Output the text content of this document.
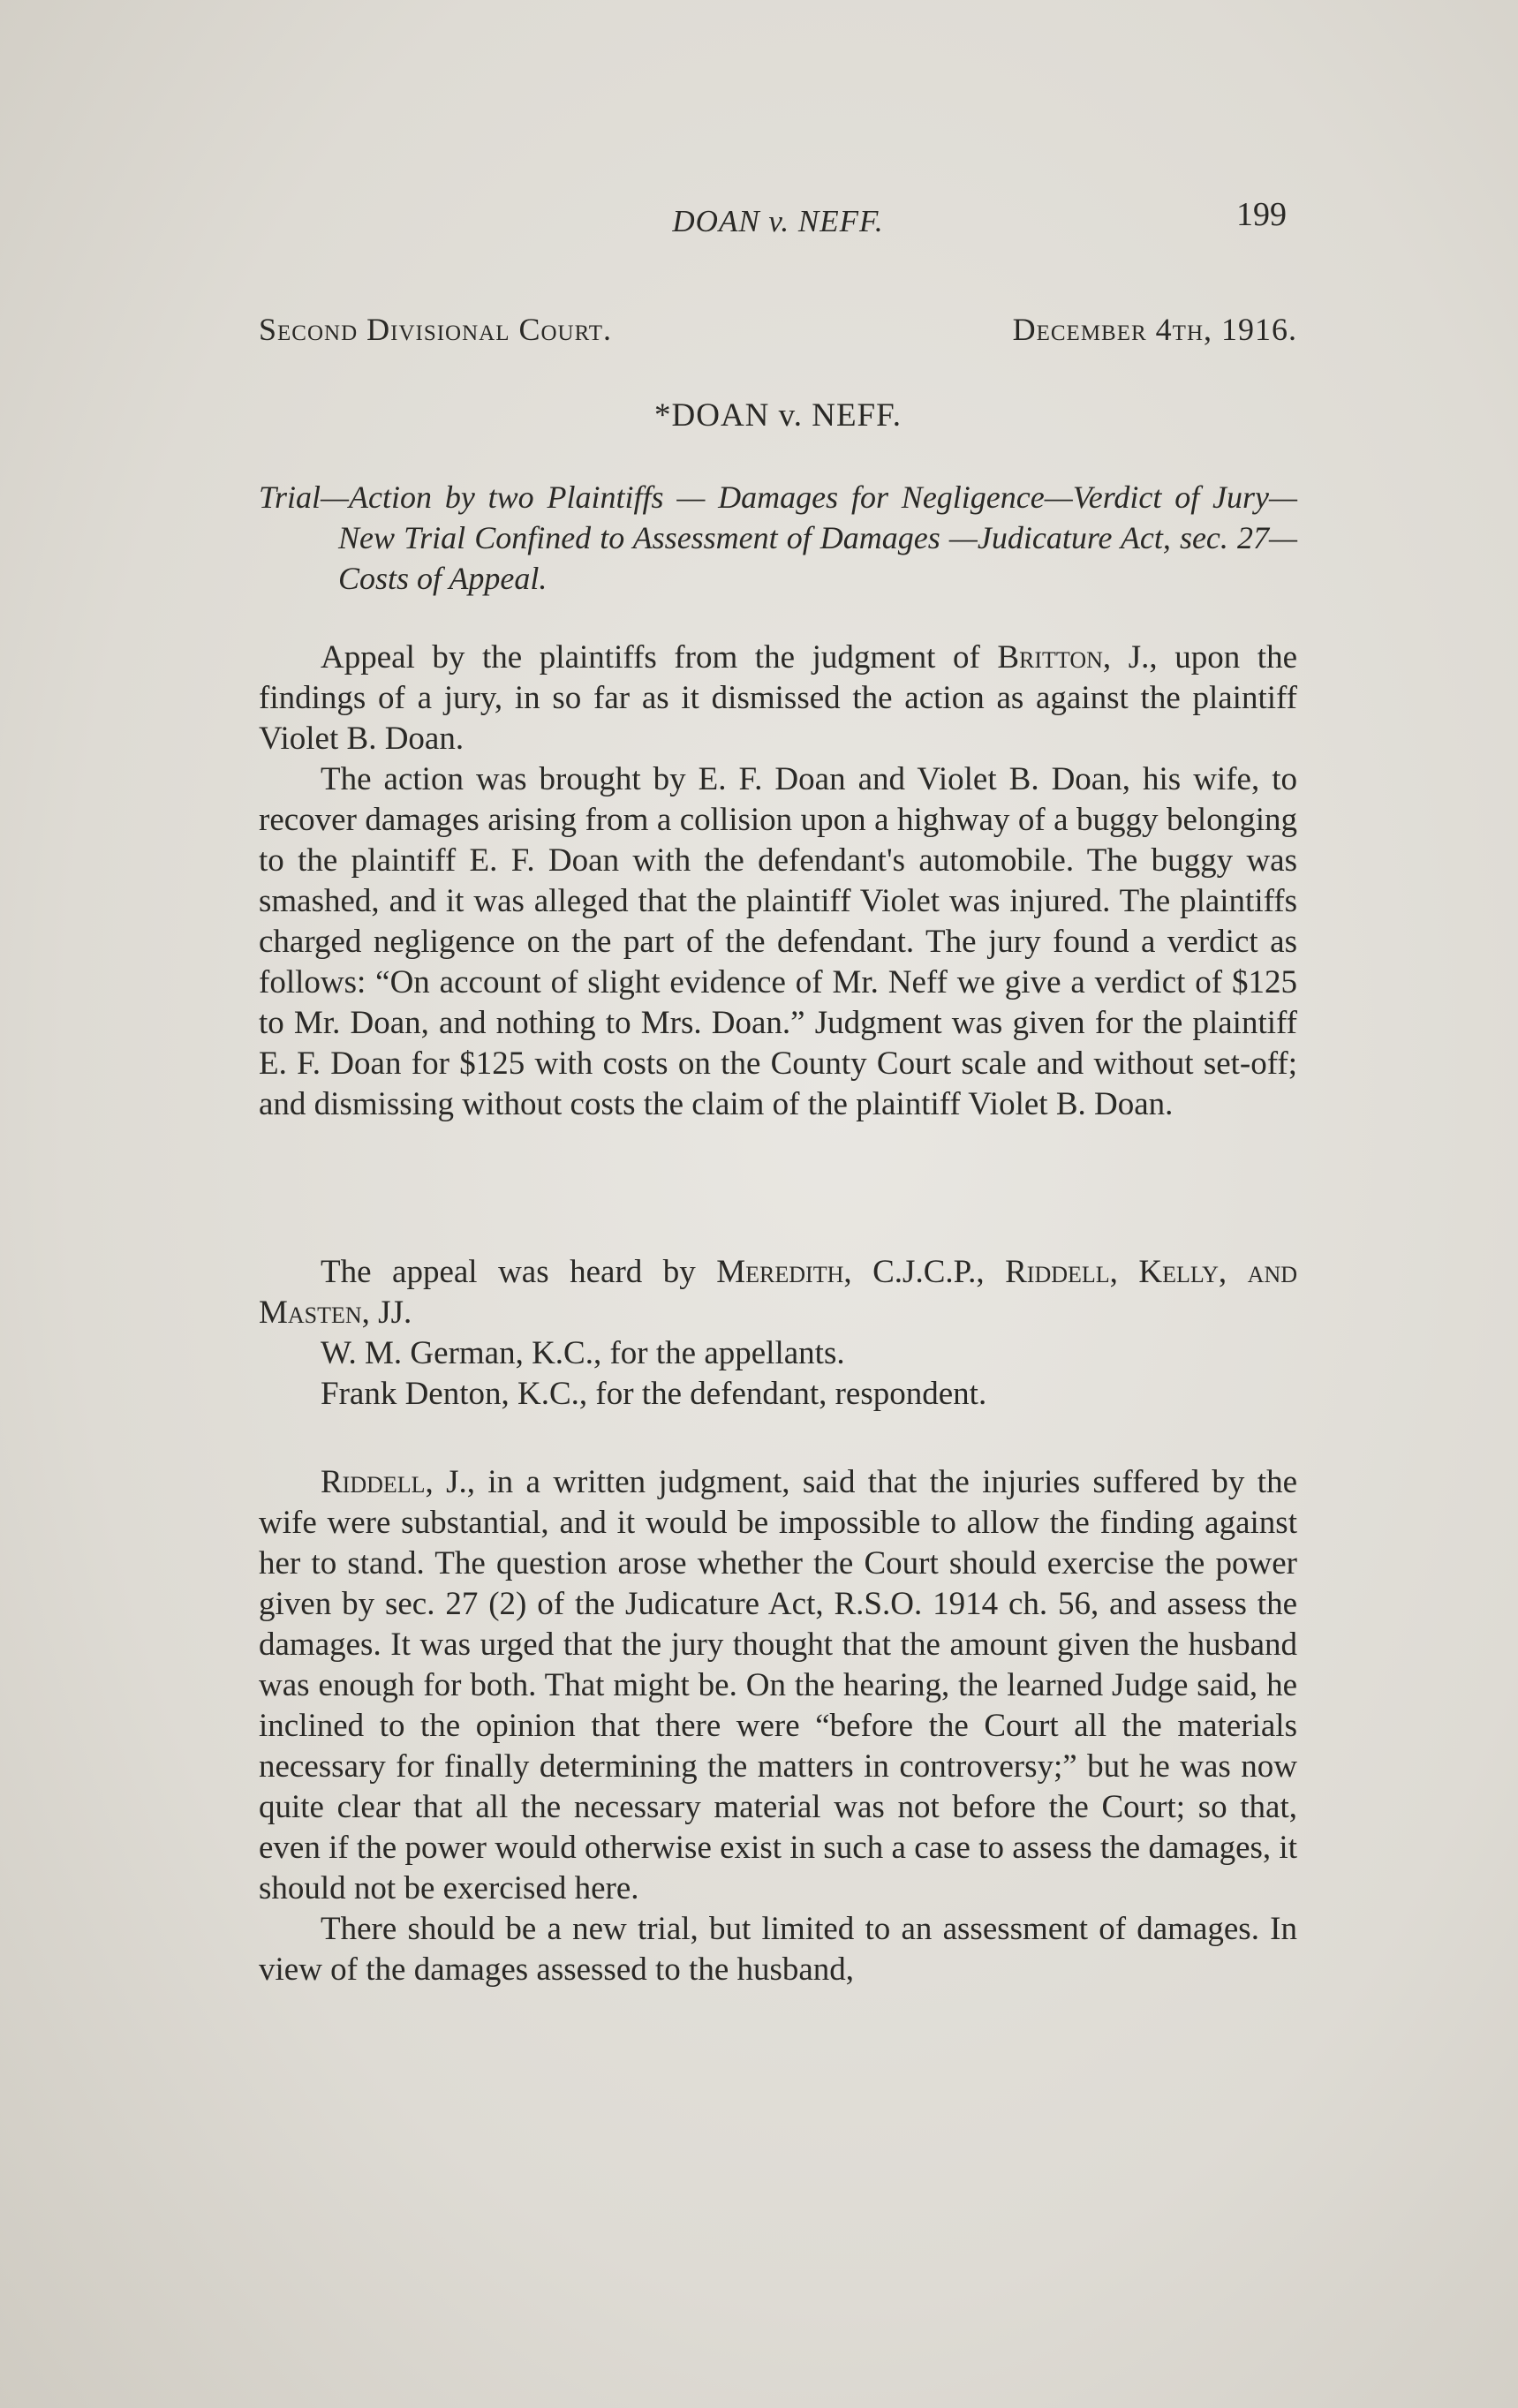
DOAN v. NEFF.	199
Second Divisional Court.	December 4th, 1916.
*DOAN v. NEFF.
Trial—Action by two Plaintiffs — Damages for Negligence—Verdict of Jury—New Trial Confined to Assessment of Damages —Judicature Act, sec. 27—Costs of Appeal.

Appeal by the plaintiffs from the judgment of Britton, J., upon the findings of a jury, in so far as it dismissed the action as against the plaintiff Violet B. Doan.

The action was brought by E. F. Doan and Violet B. Doan, his wife, to recover damages arising from a collision upon a highway of a buggy belonging to the plaintiff E. F. Doan with the defendant's automobile. The buggy was smashed, and it was alleged that the plaintiff Violet was injured. The plaintiffs charged negligence on the part of the defendant. The jury found a verdict as follows: “On account of slight evidence of Mr. Neff we give a verdict of $125 to Mr. Doan, and nothing to Mrs. Doan.” Judgment was given for the plaintiff E. F. Doan for $125 with costs on the County Court scale and without set-off; and dismissing without costs the claim of the plaintiff Violet B. Doan.

The appeal was heard by Meredith, C.J.C.P., Riddell, Kelly, and Masten, JJ.

W. M. German, K.C., for the appellants.

Frank Denton, K.C., for the defendant, respondent.

Riddell, J., in a written judgment, said that the injuries suffered by the wife were substantial, and it would be impossible to allow the finding against her to stand. The question arose whether the Court should exercise the power given by sec. 27 (2) of the Judicature Act, R.S.O. 1914 ch. 56, and assess the damages. It was urged that the jury thought that the amount given the husband was enough for both. That might be. On the hearing, the learned Judge said, he inclined to the opinion that there were “before the Court all the materials necessary for finally determining the matters in controversy;” but he was now quite clear that all the necessary material was not before the Court; so that, even if the power would otherwise exist in such a case to assess the damages, it should not be exercised here.

There should be a new trial, but limited to an assessment of damages. In view of the damages assessed to the husband,
